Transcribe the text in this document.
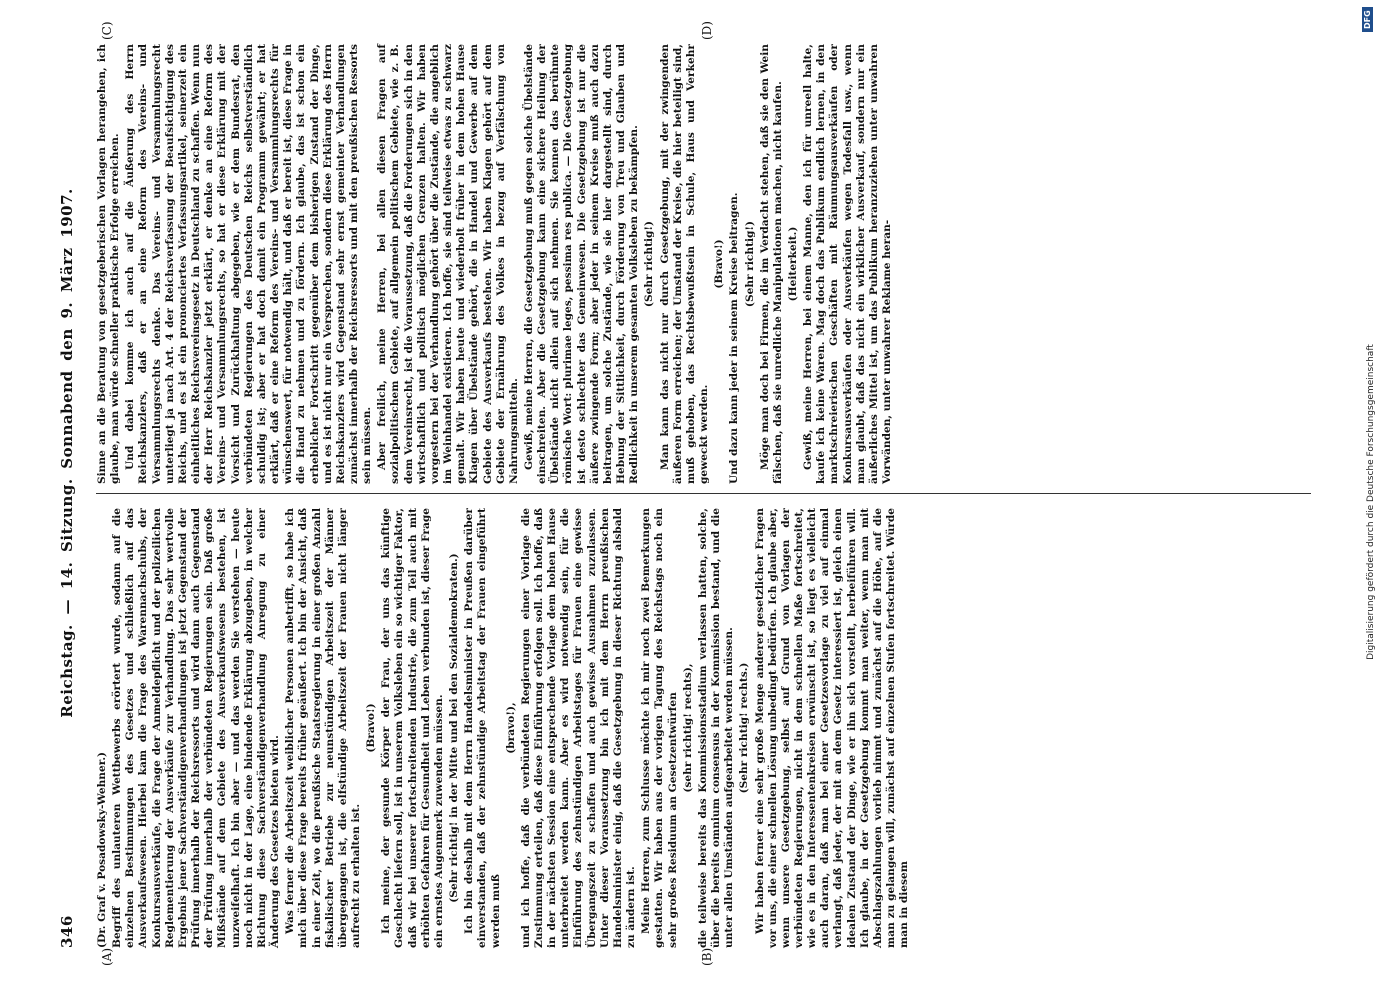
346
Reichstag. — 14. Sitzung. Sonnabend den 9. März 1907.

(Dr. Graf v. Posadowsky-Wehner.) Begriff des unlauteren Wettbewerbs erörtert wurde, sodann auf die einzelnen Bestimmungen des Gesetzes und schließlich auf das Ausverkaufswesen. Hierbei kam die Frage des Warennachschubs, der Konkursausverkäufe, die Frage der Anmeldepflicht und der polizeilichen Reglementierung der Ausverkäufe zur Verhandlung. Das sehr wertvolle Ergebnis jener Sachverständigenverhandlungen ist jetzt Gegenstand der Prüfung innerhalb der Reichsressorts und wird dann auch Gegenstand der Prüfung innerhalb der verbündeten Regierungen sein. Daß große Mißstände auf dem Gebiete des Ausverkaufswesens bestehen, ist unzweifelhaft. Ich bin aber — und das werden Sie verstehen — heute noch nicht in der Lage, eine bindende Erklärung abzugeben, in welcher Richtung diese Sachverständigenverhandlung Anregung zu einer Änderung des Gesetzes bieten wird. Was ferner die Arbeitszeit weiblicher Personen anbetrifft, so habe ich mich über diese Frage bereits früher geäußert. Ich bin der Ansicht, daß in einer Zeit, wo die preußische Staatsregierung in einer großen Anzahl fiskalischer Betriebe zur neunstündigen Arbeitszeit der Männer übergegangen ist, die elfstündige Arbeitszeit der Frauen nicht länger aufrecht zu erhalten ist.

(Bravo!) Ich meine, der gesunde Körper der Frau, der uns das künftige Geschlecht liefern soll, ist in unserem Volksleben ein so wichtiger Faktor, daß wir bei unserer fortschreitenden Industrie, die zum Teil auch mit erhöhten Gefahren für Gesundheit und Leben verbunden ist, dieser Frage ein ernstes Augenmerk zuwenden müssen. (Sehr richtig! in der Mitte und bei den Sozialdemokraten.) Ich bin deshalb mit dem Herrn Handelsminister in Preußen darüber einverstanden, daß der zehnstündige Arbeitstag der Frauen eingeführt werden muß

(bravo!), und ich hoffe, daß die verbündeten Regierungen einer Vorlage die Zustimmung erteilen, daß diese Einführung erfolgen soll. Ich hoffe, daß in der nächsten Session eine entsprechende Vorlage dem hohen Hause unterbreitet werden kann. Aber es wird notwendig sein, für die Einführung des zehnstündigen Arbeitstages für Frauen eine gewisse Übergangszeit zu schaffen und auch gewisse Ausnahmen zuzulassen. Unter dieser Voraussetzung bin ich mit dem Herrn preußischen Handelsminister einig, daß die Gesetzgebung in dieser Richtung alsbald zu ändern ist. Meine Herren, zum Schlusse möchte ich mir noch zwei Bemerkungen gestatten. Wir haben aus der vorigen Tagung des Reichstags noch ein sehr großes Residuum an Gesetzentwürfen (sehr richtig! rechts), die teilweise bereits das Kommissionsstadium verlassen hatten, solche, über die bereits omnium consensus in der Kommission bestand, und die unter allen Umständen aufgearbeitet werden müssen. (Sehr richtig! rechts.) Wir haben ferner eine sehr große Menge anderer gesetzlicher Fragen vor uns, die einer schnellen Lösung unbedingt bedürfen. Ich glaube aber, wenn unsere Gesetzgebung, selbst auf Grund von Vorlagen der verbündeten Regierungen, nicht in dem schnellen Maße fortschreitet, wie es in den Interessentenkreisen erwünscht ist, so liegt es vielleicht auch daran, daß man bei einer Gesetzesvorlage zu viel auf einmal verlangt, daß jeder, der mit an dem Gesetz interessiert ist, gleich einen idealen Zustand der Dinge, wie er ihn sich vorstellt, herbeiführen will. Ich glaube, in der Gesetzgebung kommt man weiter, wenn man mit Abschlagszahlungen vorlieb nimmt und zunächst auf die Höhe, auf die man zu gelangen will, zunächst auf einzelnen Stufen fortschreitet. Würde man in diesem

Sinne an die Beratung von gesetzgeberischen Vorlagen herangehen, ich glaube, man würde schneller praktische Erfolge erreichen. Und dabei komme ich auch auf die Äußerung des Herrn Reichskanzlers, daß er an eine Reform des Vereins- und Versammlungsrechts denke. Das Vereins- und Versammlungsrecht unterliegt ja nach Art. 4 der Reichsverfassung der Beaufsichtigung des Reichs, und es ist ein prononciertes Verfassungsartikel, seinerzeit ein einheitliches Reichsvereinsgesetz in Deutschland zu schaffen. Wenn nun der Herr Reichskanzler jetzt erklärt, er denke an eine Reform des Vereins- und Versammlungsrechts, so hat er diese Erklärung mit der Vorsicht und Zurückhaltung abgegeben, wie er dem Bundesrat, den verbündeten Regierungen des Deutschen Reichs selbstverständlich schuldig ist; aber er hat doch damit ein Programm gewährt; er hat erklärt, daß er eine Reform des Vereins- und Versammlungsrechts für wünschenswert, für notwendig hält, und daß er bereit ist, diese Frage in die Hand zu nehmen und zu fördern. Ich glaube, das ist schon ein erheblicher Fortschritt gegenüber dem bisherigen Zustand der Dinge, und es ist nicht nur ein Versprechen, sondern diese Erklärung des Herrn Reichskanzlers wird Gegenstand sehr ernst gemeinter Verhandlungen zunächst innerhalb der Reichsressorts und mit den preußischen Ressorts sein müssen. Aber freilich, meine Herren, bei allen diesen Fragen auf sozialpolitischem Gebiete, auf allgemein politischem Gebiete, wie z. B. dem Vereinsrecht, ist die Voraussetzung, daß die Forderungen sich in den wirtschaftlich und politisch möglichen Grenzen halten. Wir haben vorgestern bei der Verhandlung gehört über die Zustände, die angeblich im Weinhandel existieren. Ich hoffe, sie sind teilweise etwas zu schwarz gemalt. Wir haben heute und wiederholt früher in dem hohen Hause Klagen über Übelstände gehört, die in Handel und Gewerbe auf dem Gebiete des Ausverkaufs bestehen. Wir haben Klagen gehört auf dem Gebiete der Ernährung des Volkes in bezug auf Verfälschung von Nahrungsmitteln. Gewiß, meine Herren, die Gesetzgebung muß gegen solche Übelstände einschreiten. Aber die Gesetzgebung kann eine sichere Heilung der Übelstände nicht allein auf sich nehmen. Sie kennen das berühmte römische Wort: plurimae leges, pessima res publica. — Die Gesetzgebung ist desto schlechter das Gemeinwesen. Die Gesetzgebung ist nur die äußere zwingende Form; aber jeder in seinem Kreise muß auch dazu beitragen, um solche Zustände, wie sie hier dargestellt sind, durch Hebung der Sittlichkeit, durch Förderung von Treu und Glauben und Redlichkeit in unserem gesamten Volksleben zu bekämpfen. (Sehr richtig!) Man kann das nicht nur durch Gesetzgebung, mit der zwingenden äußeren Form erreichen; der Umstand der Kreise, die hier beteiligt sind, muß gehoben, das Rechtsbewußtsein in Schule, Haus und Verkehr geweckt werden.

(Bravo!) Und dazu kann jeder in seinem Kreise beitragen. (Sehr richtig!) Möge man doch bei Firmen, die im Verdacht stehen, daß sie den Wein fälschen, daß sie unredliche Manipulationen machen, nicht kaufen. (Heiterkeit.) Gewiß, meine Herren, bei einem Manne, den ich für unreell halte, kaufe ich keine Waren. Mag doch das Publikum endlich lernen, in den marktschreierischen Geschäften mit Räumungsausverkäufen oder Konkursausverkäufen oder Ausverkäufen wegen Todesfall usw., wenn man glaubt, daß das nicht ein wirklicher Ausverkauf, sondern nur ein äußerliches Mittel ist, um das Publikum heranzuziehen unter unwahren Vorwänden, unter unwahrer Reklame heran-

(A)	(B)
(C)	(D)
Digitalisierung gefördert durch die Deutsche Forschungsgemeinschaft
DFG
